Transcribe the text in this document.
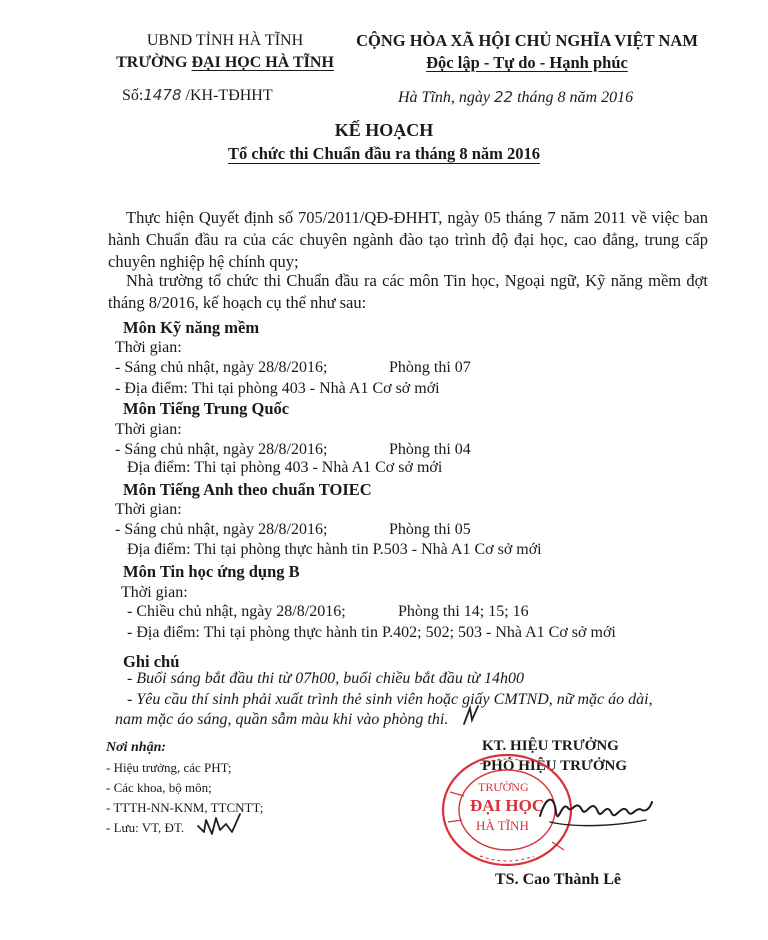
UBND TỈNH HÀ TĨNH
TRƯỜNG ĐẠI HỌC HÀ TĨNH
CỘNG HÒA XÃ HỘI CHỦ NGHĨA VIỆT NAM
Độc lập - Tự do - Hạnh phúc
Số:1478 /KH-TĐHHT	Hà Tĩnh, ngày 22 tháng 8 năm 2016
KẾ HOẠCH
Tổ chức thi Chuẩn đầu ra tháng 8 năm 2016
Thực hiện Quyết định số 705/2011/QĐ-ĐHHT, ngày 05 tháng 7 năm 2011 về việc ban hành Chuẩn đầu ra của các chuyên ngành đào tạo trình độ đại học, cao đẳng, trung cấp chuyên nghiệp hệ chính quy;
Nhà trường tổ chức thi Chuẩn đầu ra các môn Tin học, Ngoại ngữ, Kỹ năng mềm đợt tháng 8/2016, kế hoạch cụ thể như sau:
Môn Kỹ năng mềm
Thời gian:
- Sáng chủ nhật, ngày 28/8/2016;	Phòng thi 07
- Địa điểm: Thi tại phòng 403 - Nhà A1 Cơ sở mới
Môn Tiếng Trung Quốc
Thời gian:
- Sáng chủ nhật, ngày 28/8/2016;	Phòng thi 04
Địa điểm: Thi tại phòng 403 - Nhà A1 Cơ sở mới
Môn Tiếng Anh theo chuẩn TOIEC
Thời gian:
- Sáng chủ nhật, ngày 28/8/2016;	Phòng thi 05
Địa điểm: Thi tại phòng thực hành tin P.503 - Nhà A1 Cơ sở mới
Môn Tin học ứng dụng B
Thời gian:
- Chiều chủ nhật, ngày 28/8/2016;	Phòng thi 14; 15; 16
- Địa điểm: Thi tại phòng thực hành tin P.402; 502; 503 - Nhà A1 Cơ sở mới
Ghi chú
- Buổi sáng bắt đầu thi từ 07h00, buổi chiều bắt đầu từ 14h00
- Yêu cầu thí sinh phải xuất trình thẻ sinh viên hoặc giấy CMTND, nữ mặc áo dài,
nam mặc áo sáng, quần sẫm màu khi vào phòng thi.
Nơi nhận:
- Hiệu trưởng, các PHT;
- Các khoa, bộ môn;
- TTTH-NN-KNM, TTCNTT;
- Lưu: VT, ĐT.
KT. HIỆU TRƯỞNG
PHÓ HIỆU TRƯỞNG
TRƯỜNG
ĐẠI HỌC
HÀ TĨNH
TS. Cao Thành Lê
